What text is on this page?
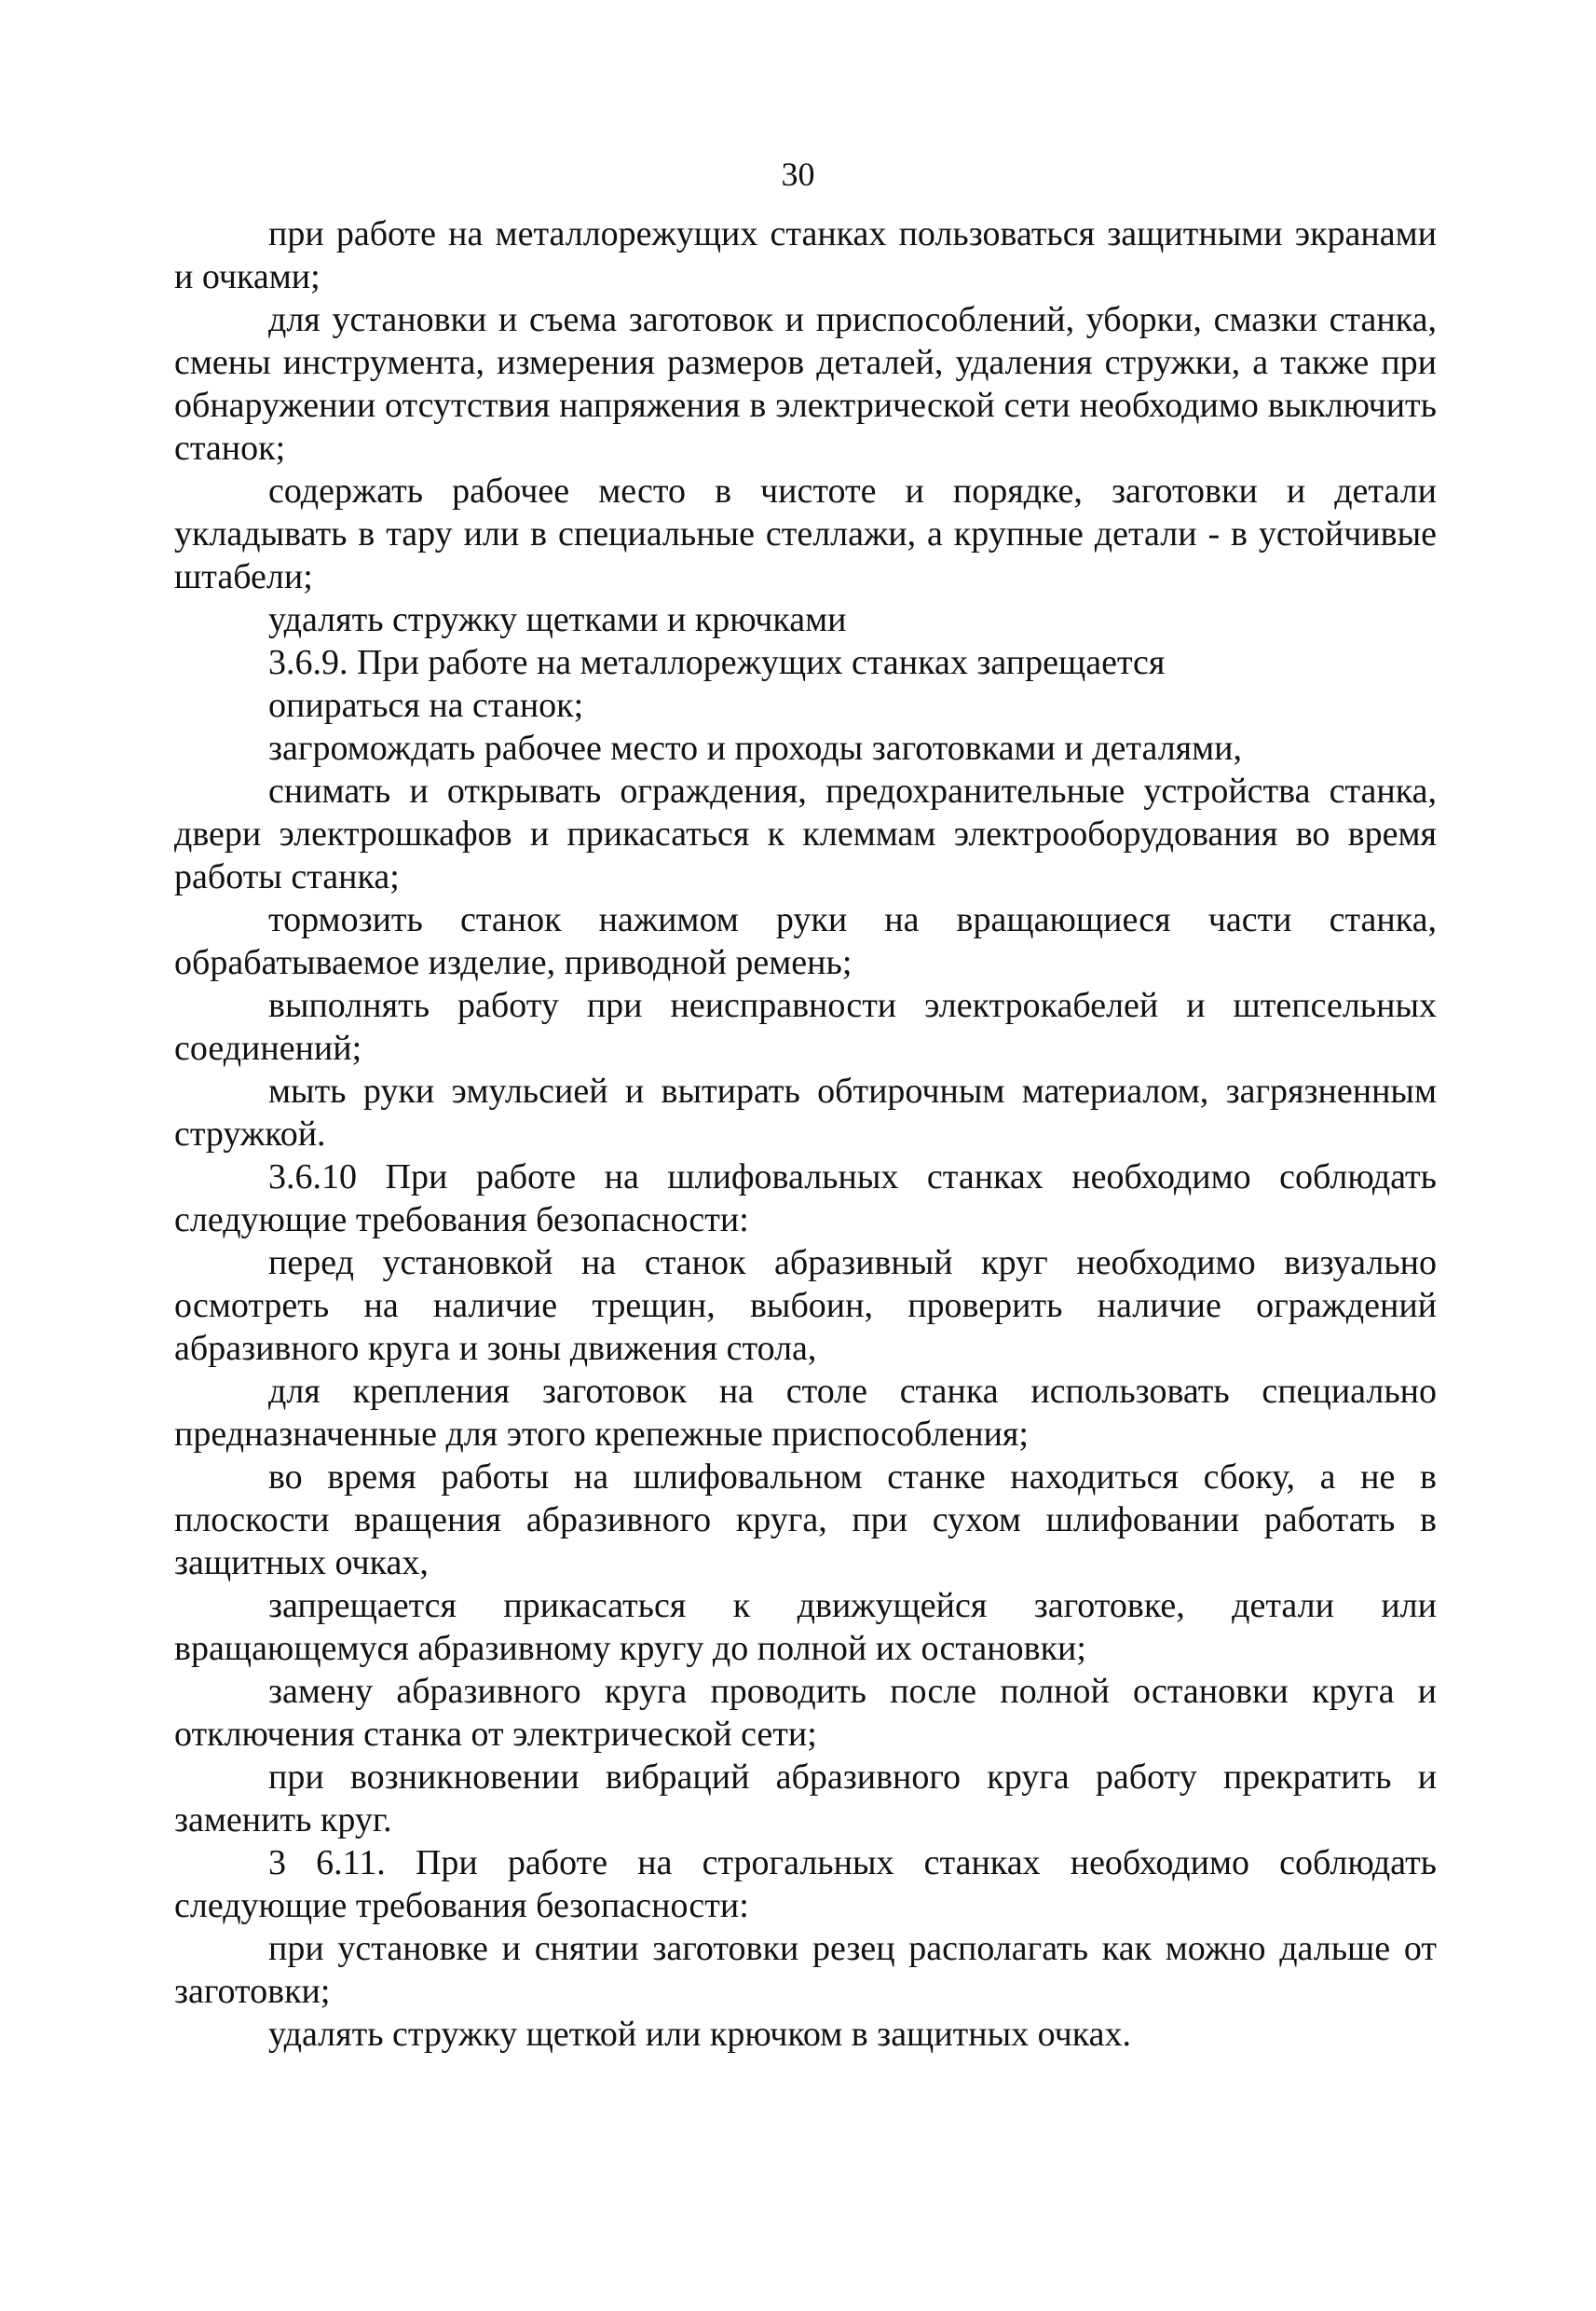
30

при работе на металлорежущих станках пользоваться защитными экранами и очками;

для установки и съема заготовок и приспособлений, уборки, смазки станка, смены инструмента, измерения размеров деталей, удаления стружки, а также при обнаружении отсутствия напряжения в электрической сети необходимо выключить станок;

содержать рабочее место в чистоте и порядке, заготовки и детали укладывать в тару или в специальные стеллажи, а крупные детали - в устойчивые штабели;

удалять стружку щетками и крючками

3.6.9. При работе на металлорежущих станках запрещается

опираться на станок;

загромождать рабочее место и проходы заготовками и деталями,

снимать и открывать ограждения, предохранительные устройства станка, двери электрошкафов и прикасаться к клеммам электрооборудования во время работы станка;

тормозить станок нажимом руки на вращающиеся части станка, обрабатываемое изделие, приводной ремень;

выполнять работу при неисправности электрокабелей и штепсельных соединений;

мыть руки эмульсией и вытирать обтирочным материалом, загрязненным стружкой.

3.6.10 При работе на шлифовальных станках необходимо соблюдать следующие требования безопасности:

перед установкой на станок абразивный круг необходимо визуально осмотреть на наличие трещин, выбоин, проверить наличие ограждений абразивного круга и зоны движения стола,

для крепления заготовок на столе станка использовать специально предназначенные для этого крепежные приспособления;

во время работы на шлифовальном станке находиться сбоку, а не в плоскости вращения абразивного круга, при сухом шлифовании работать в защитных очках,

запрещается прикасаться к движущейся заготовке, детали или вращающемуся абразивному кругу до полной их остановки;

замену абразивного круга проводить после полной остановки круга и отключения станка от электрической сети;

при возникновении вибраций абразивного круга работу прекратить и заменить круг.

3 6.11. При работе на строгальных станках необходимо соблюдать следующие требования безопасности:

при установке и снятии заготовки резец располагать как можно дальше от заготовки;

удалять стружку щеткой или крючком в защитных очках.
